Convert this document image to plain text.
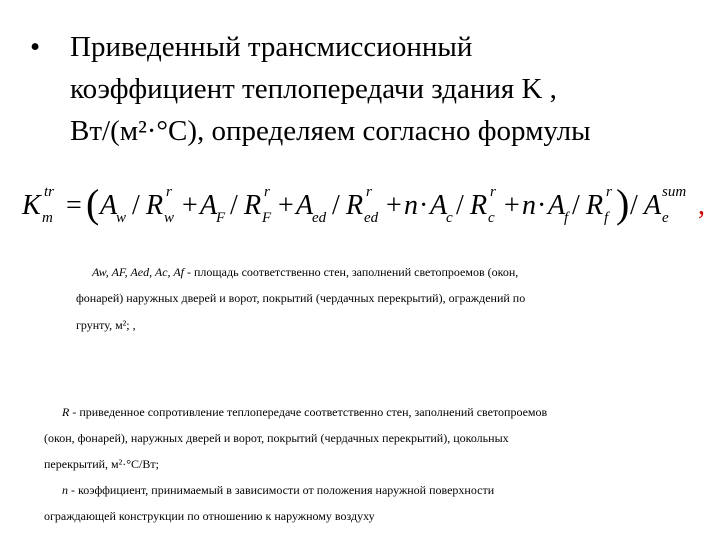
• Приведенный трансмиссионный
коэффициент теплопередачи здания K ,
Вт/(м²·°С), определяем согласно формулы
K m
tr = ( A
w / R w
r + A
F / R F
r + A
ed / R ed
r + n · A
c / R c
r + n · A
f / R f
r ) / A e
sum ,
Aw, AF, Aed, Ac, Af - площадь соответственно стен, заполнений светопроемов (окон,
фонарей) наружных дверей и ворот, покрытий (чердачных перекрытий), ограждений по
грунту, м²; ,
R - приведенное сопротивление теплопередаче соответственно стен, заполнений светопроемов
(окон, фонарей), наружных дверей и ворот, покрытий (чердачных перекрытий), цокольных
перекрытий, м²·°С/Вт;
n - коэффициент, принимаемый в зависимости от положения наружной поверхности
ограждающей конструкции по отношению к наружному воздуху
